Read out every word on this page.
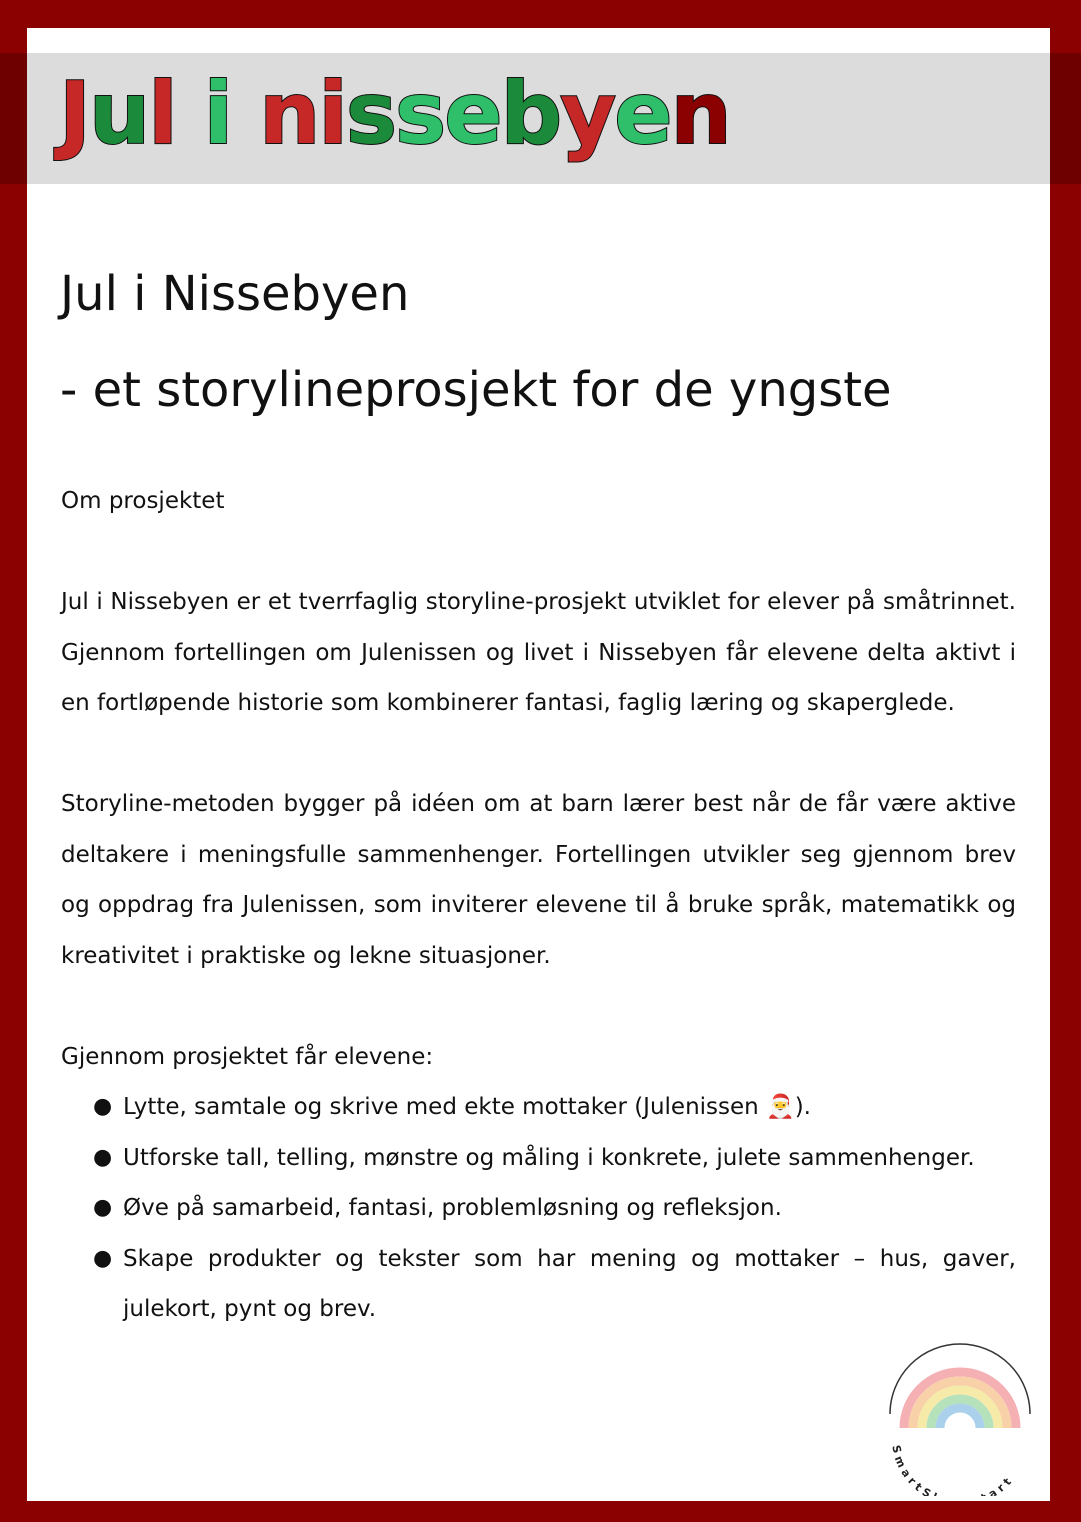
Jul i nissebyen
Jul i Nissebyen
- et storylineprosjekt for de yngste

Om prosjektet

Jul i Nissebyen er et tverrfaglig storyline-prosjekt utviklet for elever på småtrinnet. Gjennom fortellingen om Julenissen og livet i Nissebyen får elevene delta aktivt i en fortløpende historie som kombinerer fantasi, faglig læring og skaperglede.

Storyline-metoden bygger på idéen om at barn lærer best når de får være aktive deltakere i meningsfulle sammenhenger. Fortellingen utvikler seg gjennom brev og oppdrag fra Julenissen, som inviterer elevene til å bruke språk, matematikk og kreativitet i praktiske og lekne situasjoner.

Gjennom prosjektet får elevene:

● Lytte, samtale og skrive med ekte mottaker (Julenissen 🎅).
● Utforske tall, telling, mønstre og måling i konkrete, julete sammenhenger.
● Øve på samarbeid, fantasi, problemløsning og refleksjon.
● Skape produkter og tekster som har mening og mottaker – hus, gaver, julekort, pynt og brev.
SmartS art
